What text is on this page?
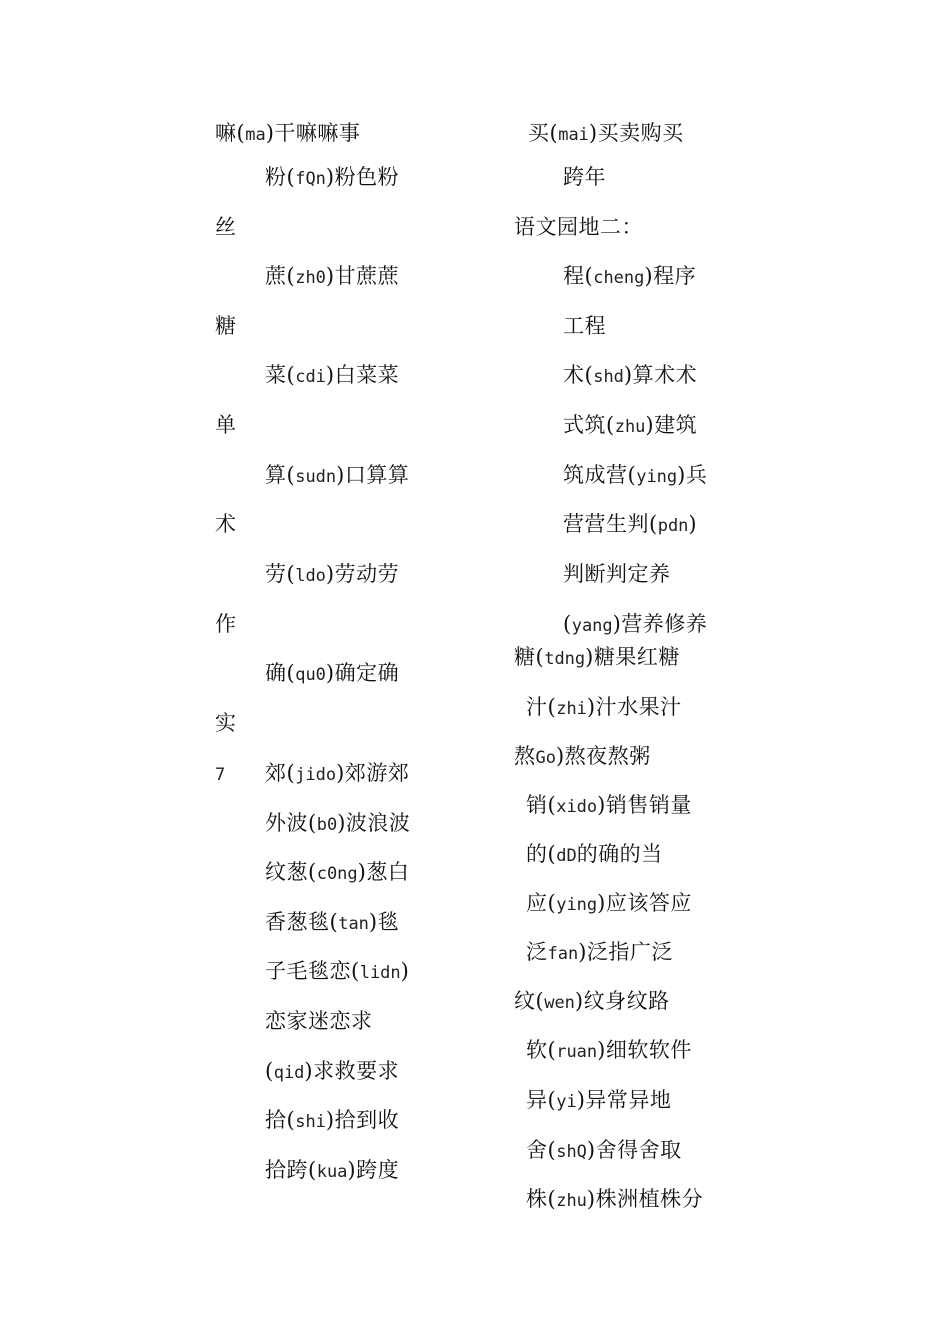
嘛(ma)干嘛嘛事
粉(fQn)粉色粉
丝
蔗(zh0)甘蔗蔗
糖
菜(cdi)白菜菜
单
算(sudn)口算算
术
劳(ldo)劳动劳
作
确(qu0)确定确
实
7 郊(jido)郊游郊
外波(b0)波浪波
纹葱(c0ng)葱白
香葱毯(tan)毯
子毛毯恋(lidn)
恋家迷恋求
(qid)求救要求
拾(shi)拾到收
拾跨(kua)跨度
买(mai)买卖购买
跨年
语文园地二：
程(cheng)程序
工程
术(shd)算术术
式筑(zhu)建筑
筑成营(ying)兵
营营生判(pdn)
判断判定养
(yang)营养修养
糖(tdng)糖果红糖
汁(zhi)汁水果汁
熬Go)熬夜熬粥
销(xido)销售销量
的(dD的确的当
应(ying)应该答应
泛fan)泛指广泛
纹(wen)纹身纹路
软(ruan)细软软件
异(yi)异常异地
舍(shQ)舍得舍取
株(zhu)株洲植株分
